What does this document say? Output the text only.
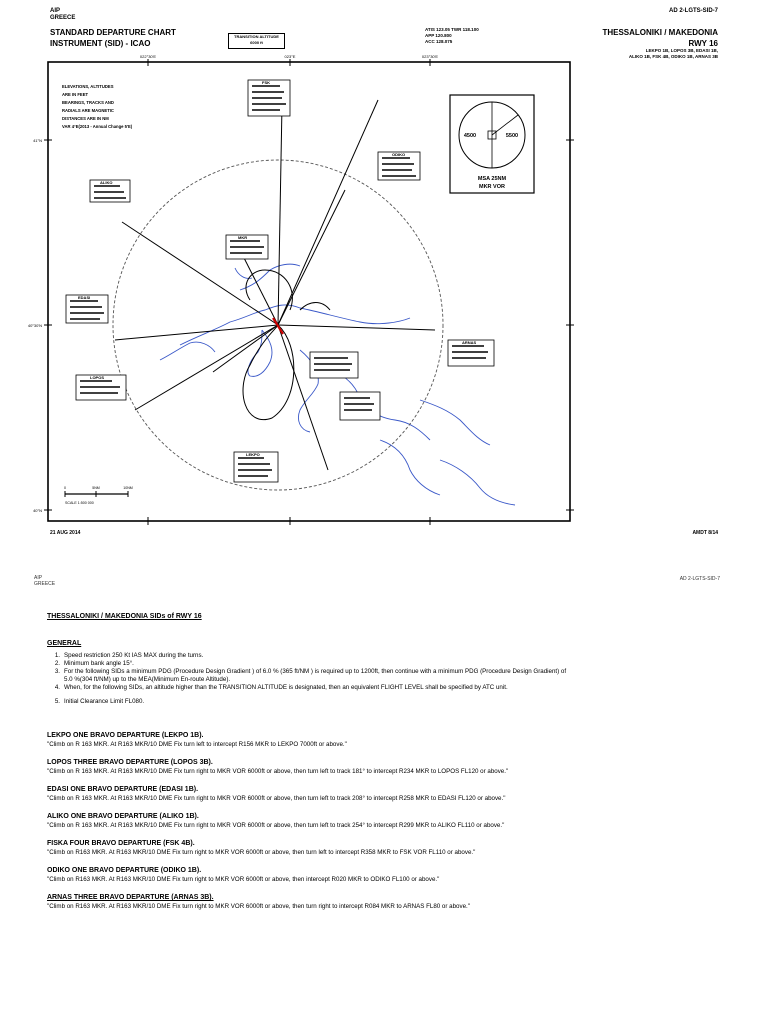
AIP
GREECE
STANDARD DEPARTURE CHART
INSTRUMENT (SID) - ICAO
TRANSITION ALTITUDE
6000 ft
ATIS 123.05 TWR 118.100
APP 120.800
ACC 128.075
AD 2-LGTS-SID-7
THESSALONIKI / MAKEDONIA
RWY 16
LEKPO 1B, LOPOS 3B, EDASI 1B,
ALIKO 1B, FSK 4B, ODIKO 1B, ARNAS 3B
022°30'E	023°E	023°30'E
41°N
40°30'N
40°N
ELEVATIONS, ALTITUDES
ARE IN FEET
BEARINGS, TRACKS AND
RADIALS ARE MAGNETIC
DISTANCES ARE IN NM
VAR 4°E(2013 - Annual Change 5'E)
4500	5500
MSA 25NM
MKR VOR
FSK
ODIKO
ALIKO
MKR
EDASI
ARNAS
LEKPO
LOPOS
0	5NM	10NM
SCALE 1:500 000
21 AUG 2014	AMDT 8/14
AIP
GREECE
AD 2-LGTS-SID-7
THESSALONIKI / MAKEDONIA SIDs of RWY 16
GENERAL
1. Speed restriction 250 Kt IAS MAX during the turns.
2. Minimum bank angle 15°.
3. For the following SIDs a minimum PDG (Procedure Design Gradient ) of 6.0 % (365 ft/NM ) is required up to 1200ft, then continue with a minimum PDG (Procedure Design Gradient) of
5.0 %(304 ft/NM) up to the MEA(Minimum En-route Altitude).
4. When, for the following SIDs, an altitude higher than the TRANSITION ALTITUDE is designated, then an equivalent FLIGHT LEVEL shall be specified by ATC unit.
5. Initial Clearance Limit FL080.
LEKPO ONE BRAVO DEPARTURE (LEKPO 1B).
"Climb on R 163 MKR. At R163 MKR/10 DME Fix turn left to intercept R156 MKR to LEKPO 7000ft or above."
LOPOS THREE BRAVO DEPARTURE (LOPOS 3B).
"Climb on R 163 MKR. At R163 MKR/10 DME Fix turn right to MKR VOR 6000ft or above, then turn left to track 181° to intercept R234 MKR to LOPOS FL120 or above."
EDASI ONE BRAVO DEPARTURE (EDASI 1B).
"Climb on R 163 MKR. At R163 MKR/10 DME Fix turn right to MKR VOR 6000ft or above, then turn left to track 208° to intercept R258 MKR to EDASI FL120 or above."
ALIKO ONE BRAVO DEPARTURE (ALIKO 1B).
"Climb on R 163 MKR. At R163 MKR/10 DME Fix turn right to MKR VOR 6000ft or above, then turn left to track 254° to intercept R299 MKR to ALIKO FL110 or above."
FISKA FOUR BRAVO DEPARTURE (FSK 4B).
"Climb on R163 MKR. At R163 MKR/10 DME Fix turn right to MKR VOR 6000ft or above, then turn left to intercept R358 MKR to FSK VOR FL110 or above."
ODIKO ONE BRAVO DEPARTURE (ODIKO 1B).
"Climb on R163 MKR. At R163 MKR/10 DME Fix turn right to MKR VOR 6000ft or above, then intercept R020 MKR to ODIKO FL100 or above."
ARNAS THREE BRAVO DEPARTURE (ARNAS 3B).
"Climb on R163 MKR. At R163 MKR/10 DME Fix turn right to MKR VOR 6000ft or above, then turn right to intercept R084 MKR to ARNAS FL80 or above."
